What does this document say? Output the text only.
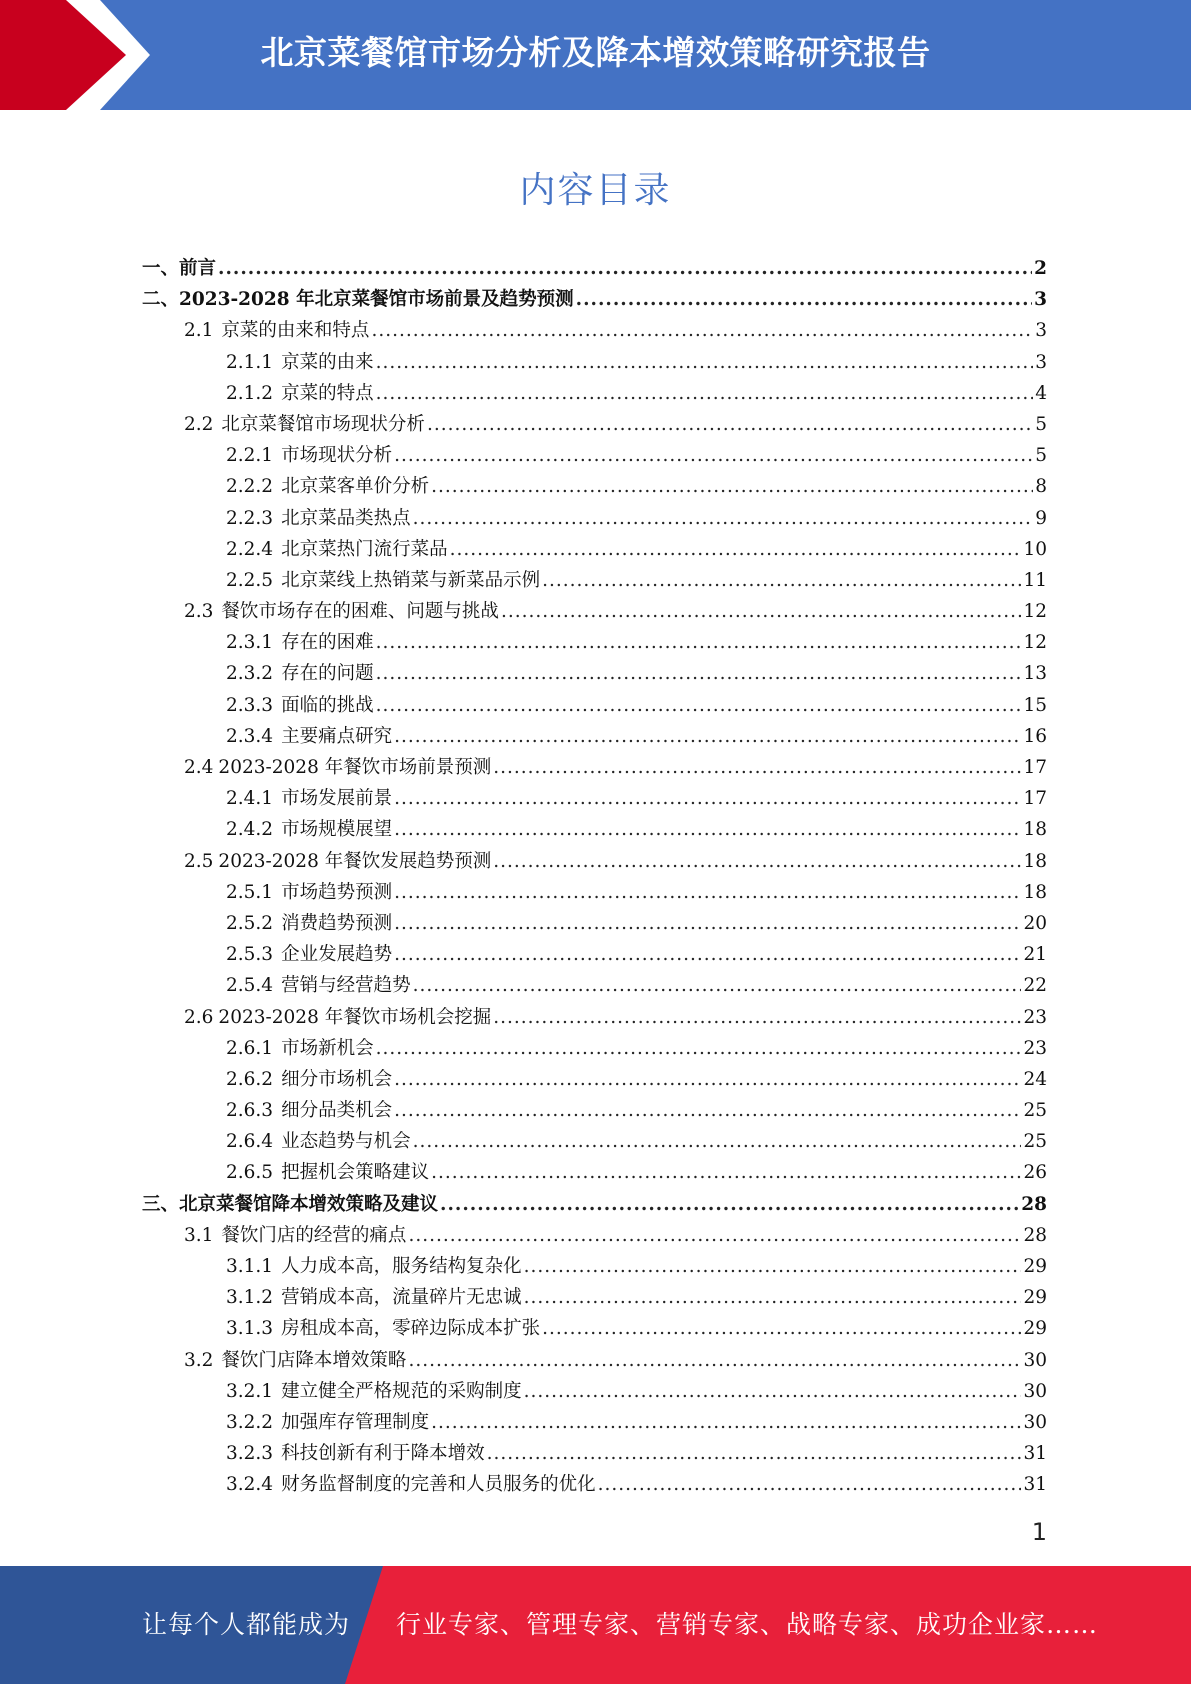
北京菜餐馆市场分析及降本增效策略研究报告
内容目录
一、 前言 .....	2
二、 2023-2028 年北京菜餐馆市场前景及趋势预测 .....	3
2.1 京菜的由来和特点 .....	3
2.1.1 京菜的由来 .....	3
2.1.2 京菜的特点 .....	4
2.2 北京菜餐馆市场现状分析 .....	5
2.2.1 市场现状分析 .....	5
2.2.2 北京菜客单价分析 .....	8
2.2.3 北京菜品类热点 .....	9
2.2.4 北京菜热门流行菜品 .....	10
2.2.5 北京菜线上热销菜与新菜品示例 .....	11
2.3 餐饮市场存在的困难、问题与挑战 .....	12
2.3.1 存在的困难 .....	12
2.3.2 存在的问题 .....	13
2.3.3 面临的挑战 .....	15
2.3.4 主要痛点研究 .....	16
2.4 2023-2028 年餐饮市场前景预测 .....	17
2.4.1 市场发展前景 .....	17
2.4.2 市场规模展望 .....	18
2.5 2023-2028 年餐饮发展趋势预测 .....	18
2.5.1 市场趋势预测 .....	18
2.5.2 消费趋势预测 .....	20
2.5.3 企业发展趋势 .....	21
2.5.4 营销与经营趋势 .....	22
2.6 2023-2028 年餐饮市场机会挖掘 .....	23
2.6.1 市场新机会 .....	23
2.6.2 细分市场机会 .....	24
2.6.3 细分品类机会 .....	25
2.6.4 业态趋势与机会 .....	25
2.6.5 把握机会策略建议 .....	26
三、 北京菜餐馆降本增效策略及建议 .....	28
3.1 餐饮门店的经营的痛点 .....	28
3.1.1 人力成本高，服务结构复杂化 .....	29
3.1.2 营销成本高，流量碎片无忠诚 .....	29
3.1.3 房租成本高，零碎边际成本扩张 .....	29
3.2 餐饮门店降本增效策略 .....	30
3.2.1 建立健全严格规范的采购制度 .....	30
3.2.2 加强库存管理制度 .....	30
3.2.3 科技创新有利于降本增效 .....	31
3.2.4 财务监督制度的完善和人员服务的优化 .....	31
1
让每个人都能成为 行业专家、管理专家、营销专家、战略专家、成功企业家……
